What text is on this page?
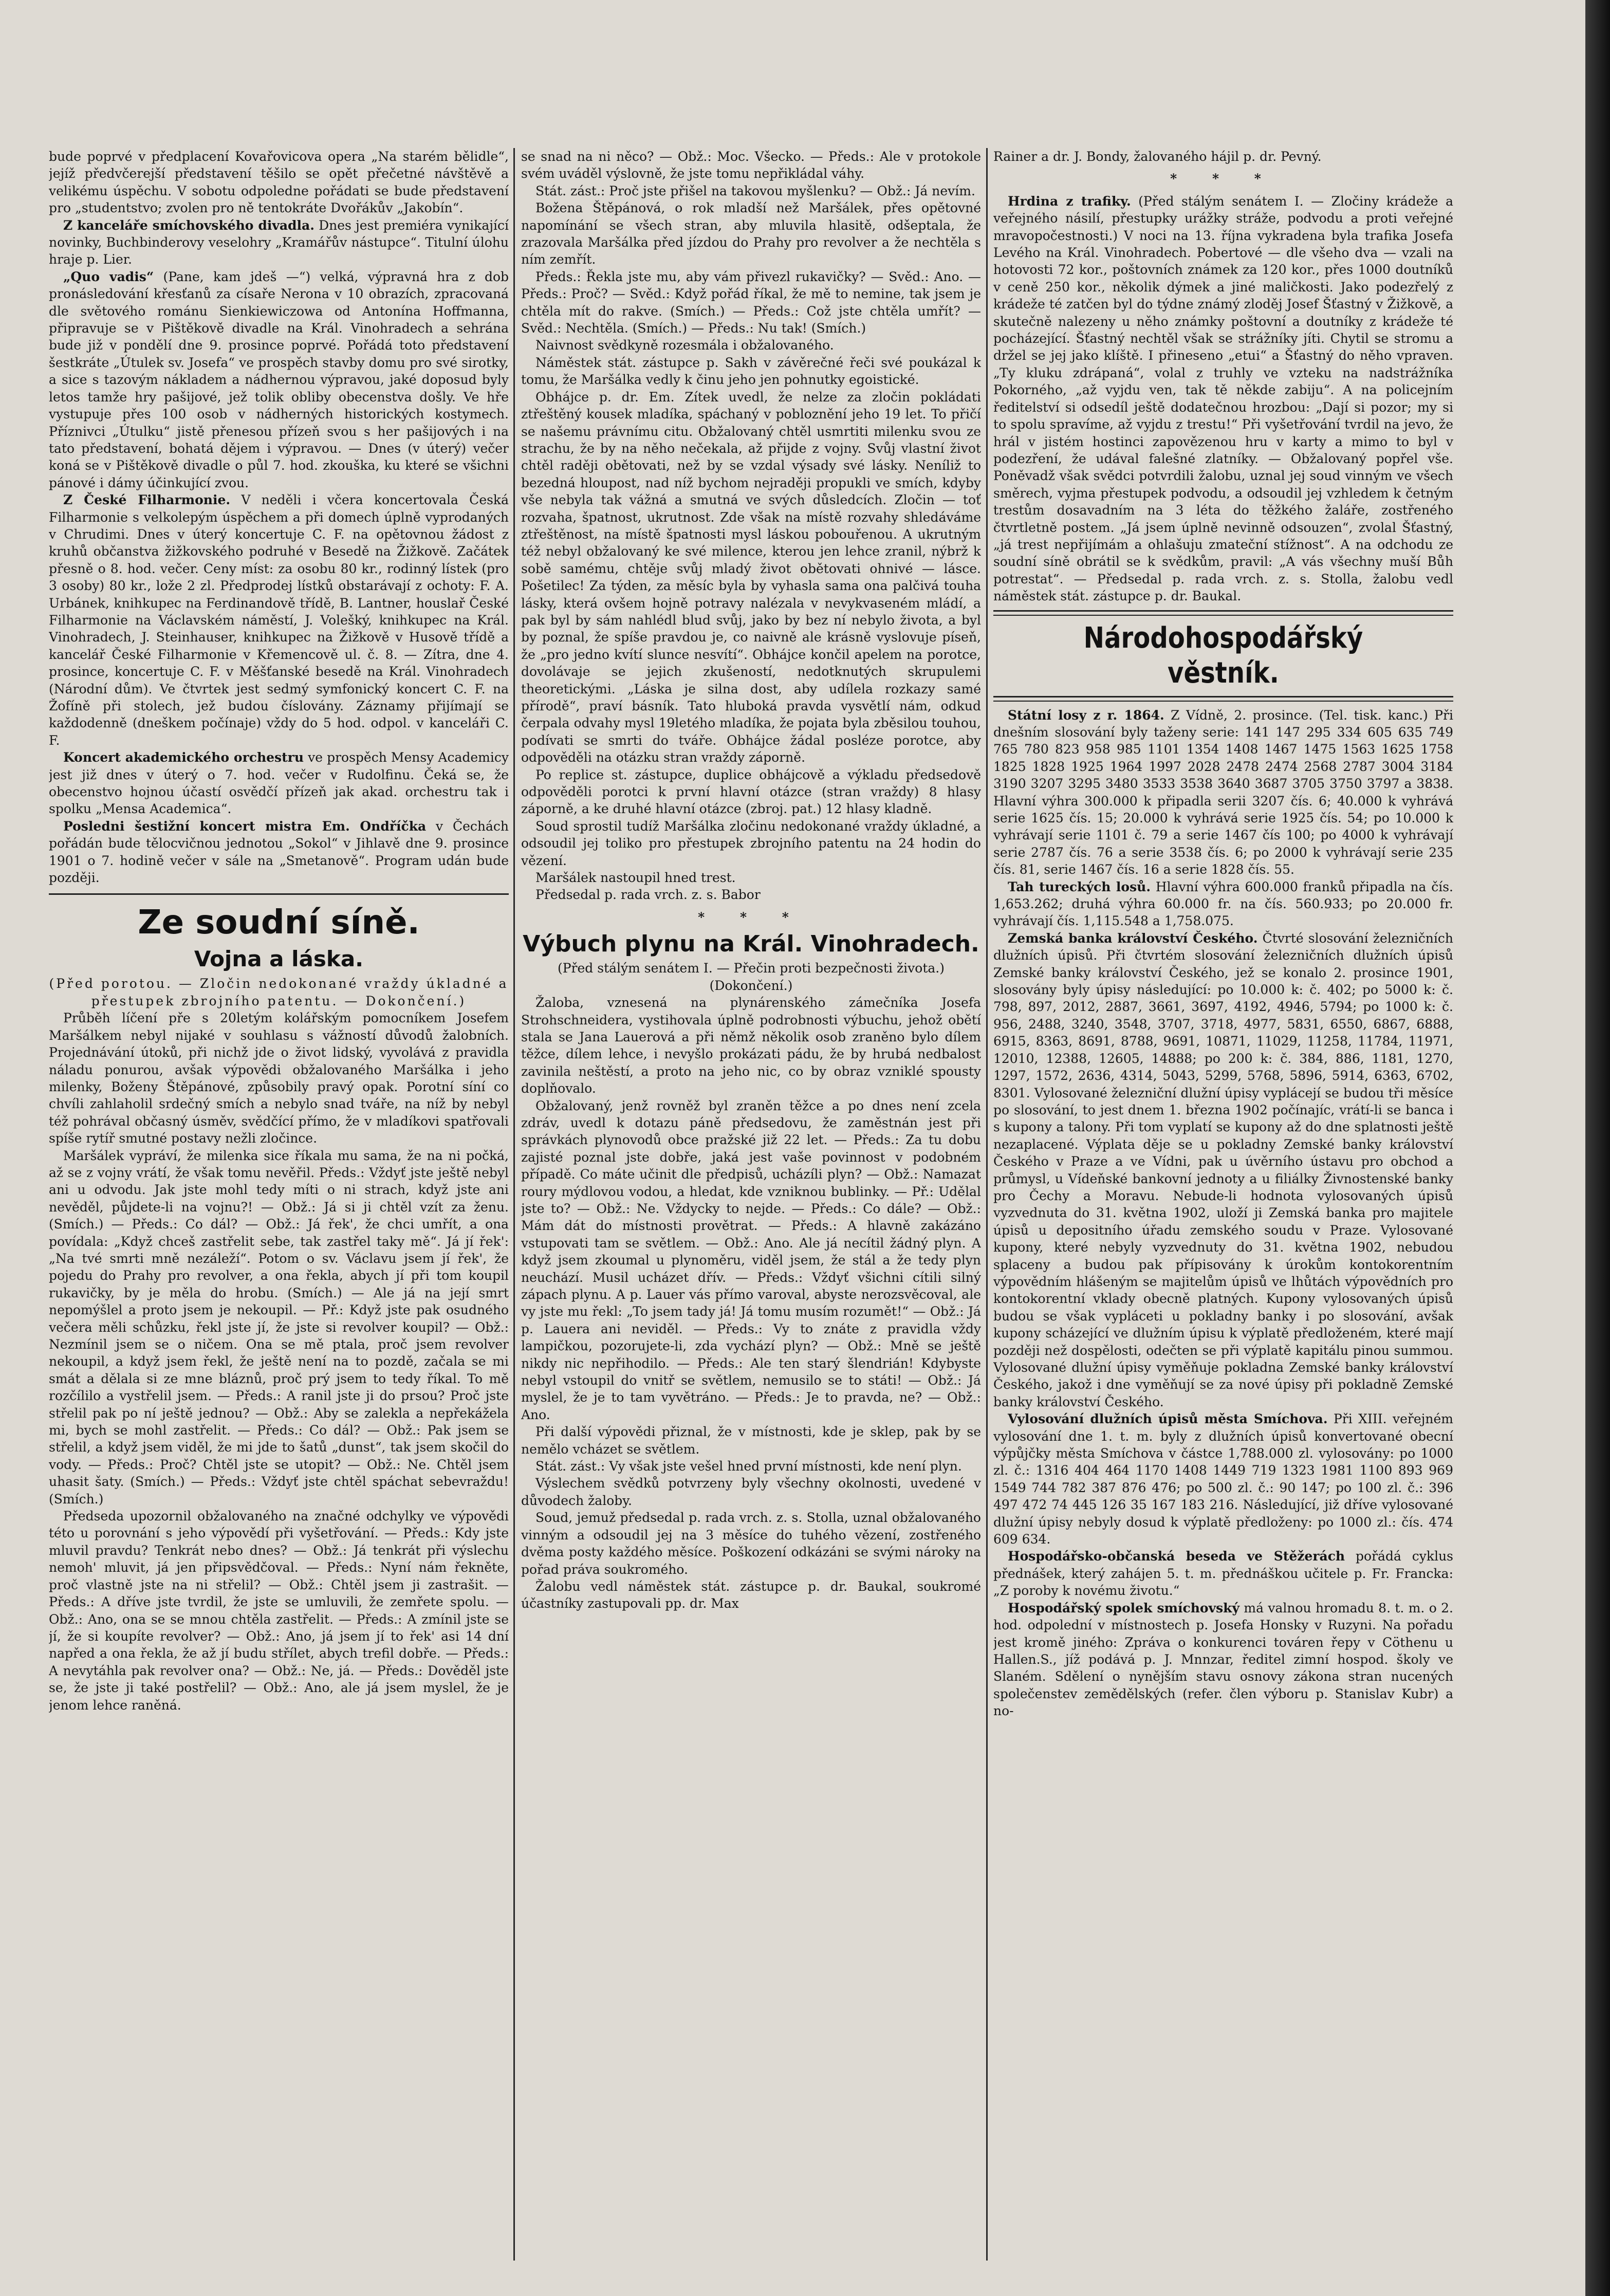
bude poprvé v předplacení Kovařovicova opera „Na starém bělidle“, jejíž předvčerejší představení těšilo se opět přečetné návštěvě a velikému úspěchu. V sobotu odpoledne pořádati se bude představení pro „studentstvo; zvolen pro ně tentokráte Dvořákův „Jakobín“.

Z kanceláře smíchovského divadla. Dnes jest premiéra vynikající novinky, Buchbinderovy veselohry „Kramářův nástupce“. Titulní úlohu hraje p. Lier.

„Quo vadis“ (Pane, kam jdeš —“) velká, výpravná hra z dob pronásledování křesťanů za císaře Nerona v 10 obrazích, zpracovaná dle světového románu Sienkiewiczowa od Antonína Hoffmanna, připravuje se v Pištěkově divadle na Král. Vinohradech a sehrána bude již v pondělí dne 9. prosince poprvé. Pořádá toto představení šestkráte „Útulek sv. Josefa“ ve prospěch stavby domu pro své sirotky, a sice s tazovým nákladem a nádhernou výpravou, jaké doposud byly letos tamže hry pašijové, jež tolik obliby obecenstva došly. Ve hře vystupuje přes 100 osob v nádherných historických kostymech. Příznivci „Útulku“ jistě přenesou přízeň svou s her pašijových i na tato představení, bohatá dějem i výpravou. — Dnes (v úterý) večer koná se v Pištěkově divadle o půl 7. hod. zkouška, ku které se všichni pánové i dámy účinkující zvou.

Z České Filharmonie. V neděli i včera koncertovala Česká Filharmonie s velkolepým úspěchem a při domech úplně vyprodaných v Chrudimi. Dnes v úterý koncertuje C. F. na opětovnou žádost z kruhů občanstva žižkovského podruhé v Besedě na Žižkově. Začátek přesně o 8. hod. večer. Ceny míst: za osobu 80 kr., rodinný lístek (pro 3 osoby) 80 kr., lože 2 zl. Předprodej lístků obstarávají z ochoty: F. A. Urbánek, knihkupec na Ferdinandově třídě, B. Lantner, houslař České Filharmonie na Václavském náměstí, J. Volešký, knihkupec na Král. Vinohradech, J. Steinhauser, knihkupec na Žižkově v Husově třídě a kancelář České Filharmonie v Křemencově ul. č. 8. — Zítra, dne 4. prosince, koncertuje C. F. v Měšťanské besedě na Král. Vinohradech (Národní dům). Ve čtvrtek jest sedmý symfonický koncert C. F. na Žofíně při stolech, jež budou číslovány. Záznamy přijímají se každodenně (dneškem počínaje) vždy do 5 hod. odpol. v kanceláři C. F.

Koncert akademického orchestru ve prospěch Mensy Academicy jest již dnes v úterý o 7. hod. večer v Rudolfinu. Čeká se, že obecenstvo hojnou účastí osvědčí přízeň jak akad. orchestru tak i spolku „Mensa Academica“.

Posledni šestižní koncert mistra Em. Ondříčka v Čechách pořádán bude tělocvičnou jednotou „Sokol“ v Jihlavě dne 9. prosince 1901 o 7. hodině večer v sále na „Smetanově“. Program udán bude později.

Ze soudní síně.
Vojna a láska.

(Před porotou. — Zločin nedokonané vraždy úkladné a přestupek zbrojního patentu. — Dokončení.)

Průběh líčení pře s 20letým kolářským pomocníkem Josefem Maršálkem nebyl nijaké v souhlasu s vážností důvodů žalobních. Projednávání útoků, při nichž jde o život lidský, vyvolává z pravidla náladu ponurou, avšak výpovědi obžalovaného Maršálka i jeho milenky, Boženy Štěpánové, způsobily pravý opak. Porotní síní co chvíli zahlaholil srdečný smích a nebylo snad tváře, na níž by nebyl též pohrával občasný úsměv, svědčící přímo, že v mladíkovi spatřovali spíše rytíř smutné postavy nežli zločince.

Maršálek vypráví, že milenka sice říkala mu sama, že na ni počká, až se z vojny vrátí, že však tomu nevěřil. Předs.: Vždyť jste ještě nebyl ani u odvodu. Jak jste mohl tedy míti o ni strach, když jste ani nevěděl, půjdete-li na vojnu?! — Obž.: Já si ji chtěl vzít za ženu. (Smích.) — Předs.: Co dál? — Obž.: Já řek', že chci umřít, a ona povídala: „Když chceš zastřelit sebe, tak zastřel taky mě“. Já jí řek': „Na tvé smrti mně nezáleží“. Potom o sv. Václavu jsem jí řek', že pojedu do Prahy pro revolver, a ona řekla, abych jí při tom koupil rukavičky, by je měla do hrobu. (Smích.) — Ale já na její smrt nepomýšlel a proto jsem je nekoupil. — Př.: Když jste pak osudného večera měli schůzku, řekl jste jí, že jste si revolver koupil? — Obž.: Nezmínil jsem se o ničem. Ona se mě ptala, proč jsem revolver nekoupil, a když jsem řekl, že ještě není na to pozdě, začala se mi smát a dělala si ze mne bláznů, proč prý jsem to tedy říkal. To mě rozčílilo a vystřelil jsem. — Předs.: A ranil jste ji do prsou? Proč jste střelil pak po ní ještě jednou? — Obž.: Aby se zalekla a nepřekážela mi, bych se mohl zastřelit. — Předs.: Co dál? — Obž.: Pak jsem se střelil, a když jsem viděl, že mi jde to šatů „dunst“, tak jsem skočil do vody. — Předs.: Proč? Chtěl jste se utopit? — Obž.: Ne. Chtěl jsem uhasit šaty. (Smích.) — Předs.: Vždyť jste chtěl spáchat sebevraždu! (Smích.)

Předseda upozornil obžalovaného na značné odchylky ve výpovědi této u porovnání s jeho výpovědí při vyšetřování. — Předs.: Kdy jste mluvil pravdu? Tenkrát nebo dnes? — Obž.: Já tenkrát při výslechu nemoh' mluvit, já jen připsvědčoval. — Předs.: Nyní nám řekněte, proč vlastně jste na ni střelil? — Obž.: Chtěl jsem ji zastrašit. — Předs.: A dříve jste tvrdil, že jste se umluvili, že zemřete spolu. — Obž.: Ano, ona se se mnou chtěla zastřelit. — Předs.: A zmínil jste se jí, že si koupíte revolver? — Obž.: Ano, já jsem jí to řek' asi 14 dní napřed a ona řekla, že až jí budu střílet, abych trefil dobře. — Předs.: A nevytáhla pak revolver ona? — Obž.: Ne, já. — Předs.: Dověděl jste se, že jste ji také postřelil? — Obž.: Ano, ale já jsem myslel, že je jenom lehce raněná.

se snad na ni něco? — Obž.: Moc. Všecko. — Předs.: Ale v protokole svém uváděl výslovně, že jste tomu nepřikládal váhy.

Stát. zást.: Proč jste přišel na takovou myšlenku? — Obž.: Já nevím.

Božena Štěpánová, o rok mladší než Maršálek, přes opětovné napomínání se všech stran, aby mluvila hlasitě, odšeptala, že zrazovala Maršálka před jízdou do Prahy pro revolver a že nechtěla s ním zemřít.

Předs.: Řekla jste mu, aby vám přivezl rukavičky? — Svěd.: Ano. — Předs.: Proč? — Svěd.: Když pořád říkal, že mě to nemine, tak jsem je chtěla mít do rakve. (Smích.) — Předs.: Což jste chtěla umřít? — Svěd.: Nechtěla. (Smích.) — Předs.: Nu tak! (Smích.)

Naivnost svědkyně rozesmála i obžalovaného.

Náměstek stát. zástupce p. Sakh v závěrečné řeči své poukázal k tomu, že Maršálka vedly k činu jeho jen pohnutky egoistické.

Obhájce p. dr. Em. Zítek uvedl, že nelze za zločin pokládati ztřeštěný kousek mladíka, spáchaný v pobloznění jeho 19 let. To přičí se našemu právnímu citu. Obžalovaný chtěl usmrtiti milenku svou ze strachu, že by na něho nečekala, až přijde z vojny. Svůj vlastní život chtěl raději obětovati, než by se vzdal výsady své lásky. Neníliž to bezedná hloupost, nad níž bychom nejraději propukli ve smích, kdyby vše nebyla tak vážná a smutná ve svých důsledcích. Zločin — toť rozvaha, špatnost, ukrutnost. Zde však na místě rozvahy shledáváme ztřeštěnost, na místě špatnosti mysl láskou pobouřenou. A ukrutným též nebyl obžalovaný ke své milence, kterou jen lehce zranil, nýbrž k sobě samému, chtěje svůj mladý život obětovati ohnivé — lásce. Pošetilec! Za týden, za měsíc byla by vyhasla sama ona palčivá touha lásky, která ovšem hojně potravy nalézala v nevykvaseném mládí, a pak byl by sám nahlédl blud svůj, jako by bez ní nebylo života, a byl by poznal, že spíše pravdou je, co naivně ale krásně vyslovuje píseň, že „pro jedno kvítí slunce nesvítí“. Obhájce končil apelem na porotce, dovolávaje se jejich zkušeností, nedotknutých skrupulemi theoretickými. „Láska je silna dost, aby udílela rozkazy samé přírodě“, praví básník. Tato hluboká pravda vysvětlí nám, odkud čerpala odvahy mysl 19letého mladíka, že pojata byla zběsilou touhou, podívati se smrti do tváře. Obhájce žádal posléze porotce, aby odpověděli na otázku stran vraždy záporně.

Po replice st. zástupce, duplice obhájcově a výkladu předsedově odpověděli porotci k první hlavní otázce (stran vraždy) 8 hlasy záporně, a ke druhé hlavní otázce (zbroj. pat.) 12 hlasy kladně.

Soud sprostil tudíž Maršálka zločinu nedokonané vraždy úkladné, a odsoudil jej toliko pro přestupek zbrojního patentu na 24 hodin do vězení.

Maršálek nastoupil hned trest.

Předsedal p. rada vrch. z. s. Babor

* * *
Výbuch plynu na Král. Vinohradech.

(Před stálým senátem I. — Přečin proti bezpečnosti života.)

(Dokončení.)

Žaloba, vznesená na plynárenského zámečníka Josefa Strohschneidera, vystihovala úplně podrobnosti výbuchu, jehož obětí stala se Jana Lauerová a při němž několik osob zraněno bylo dílem těžce, dílem lehce, i nevyšlo prokázati pádu, že by hrubá nedbalost zavinila neštěstí, a proto na jeho nic, co by obraz vzniklé spousty doplňovalo.

Obžalovaný, jenž rovněž byl zraněn těžce a po dnes není zcela zdráv, uvedl k dotazu páně předsedovu, že zaměstnán jest při správkách plynovodů obce pražské již 22 let. — Předs.: Za tu dobu zajisté poznal jste dobře, jaká jest vaše povinnost v podobném případě. Co máte učinit dle předpisů, ucházíli plyn? — Obž.: Namazat roury mýdlovou vodou, a hledat, kde vzniknou bublinky. — Př.: Udělal jste to? — Obž.: Ne. Vždycky to nejde. — Předs.: Co dále? — Obž.: Mám dát do místnosti provětrat. — Předs.: A hlavně zakázáno vstupovati tam se světlem. — Obž.: Ano. Ale já necítil žádný plyn. A když jsem zkoumal u plynoměru, viděl jsem, že stál a že tedy plyn neuchází. Musil ucházet dřív. — Předs.: Vždyť všichni cítili silný zápach plynu. A p. Lauer vás přímo varoval, abyste nerozsvěcoval, ale vy jste mu řekl: „To jsem tady já! Já tomu musím rozumět!“ — Obž.: Já p. Lauera ani neviděl. — Předs.: Vy to znáte z pravidla vždy lampičkou, pozorujete-li, zda vychází plyn? — Obž.: Mně se ještě nikdy nic nepřihodilo. — Předs.: Ale ten starý šlendrián! Kdybyste nebyl vstoupil do vnitř se světlem, nemusilo se to státi! — Obž.: Já myslel, že je to tam vyvětráno. — Předs.: Je to pravda, ne? — Obž.: Ano.

Při další výpovědi přiznal, že v místnosti, kde je sklep, pak by se nemělo vcházet se světlem.

Stát. zást.: Vy však jste vešel hned první místnosti, kde není plyn.

Výslechem svědků potvrzeny byly všechny okolnosti, uvedené v důvodech žaloby.

Soud, jemuž předsedal p. rada vrch. z. s. Stolla, uznal obžalovaného vinným a odsoudil jej na 3 měsíce do tuhého vězení, zostřeného dvěma posty každého měsíce. Poškození odkázáni se svými nároky na pořad práva soukromého.

Žalobu vedl náměstek stát. zástupce p. dr. Baukal, soukromé účastníky zastupovali pp. dr. Max

Rainer a dr. J. Bondy, žalovaného hájil p. dr. Pevný.

* * *

Hrdina z trafiky. (Před stálým senátem I. — Zločiny krádeže a veřejného násilí, přestupky urážky stráže, podvodu a proti veřejné mravopočestnosti.) V noci na 13. října vykradena byla trafika Josefa Levého na Král. Vinohradech. Pobertové — dle všeho dva — vzali na hotovosti 72 kor., poštovních známek za 120 kor., přes 1000 doutníků v ceně 250 kor., několik dýmek a jiné maličkosti. Jako podezřelý z krádeže té zatčen byl do týdne známý zloděj Josef Šťastný v Žižkově, a skutečně nalezeny u něho známky poštovní a doutníky z krádeže té pocházející. Šťastný nechtěl však se strážníky jíti. Chytil se stromu a držel se jej jako klíště. I přineseno „etui“ a Šťastný do něho vpraven. „Ty kluku zdrápaná“, volal z truhly ve vzteku na nadstrážníka Pokorného, „až vyjdu ven, tak tě někde zabiju“. A na policejním ředitelství si odsedíl ještě dodatečnou hrozbou: „Dají si pozor; my si to spolu spravíme, až vyjdu z trestu!“ Při vyšetřování tvrdil na jevo, že hrál v jistém hostinci zapovězenou hru v karty a mimo to byl v podezření, že udával falešné zlatníky. — Obžalovaný popřel vše. Poněvadž však svědci potvrdili žalobu, uznal jej soud vinným ve všech směrech, vyjma přestupek podvodu, a odsoudil jej vzhledem k četným trestům dosavadním na 3 léta do těžkého žaláře, zostřeného čtvrtletně postem. „Já jsem úplně nevinně odsouzen“, zvolal Šťastný, „já trest nepřijímám a ohlašuju zmateční stížnost“. A na odchodu ze soudní síně obrátil se k svědkům, pravil: „A vás všechny muší Bůh potrestat“. — Předsedal p. rada vrch. z. s. Stolla, žalobu vedl náměstek stát. zástupce p. dr. Baukal.

Národohospodářský věstník.

Státní losy z r. 1864. Z Vídně, 2. prosince. (Tel. tisk. kanc.) Při dnešním slosování byly taženy serie: 141 147 295 334 605 635 749 765 780 823 958 985 1101 1354 1408 1467 1475 1563 1625 1758 1825 1828 1925 1964 1997 2028 2478 2474 2568 2787 3004 3184 3190 3207 3295 3480 3533 3538 3640 3687 3705 3750 3797 a 3838. Hlavní výhra 300.000 k připadla serii 3207 čís. 6; 40.000 k vyhrává serie 1625 čís. 15; 20.000 k vyhrává serie 1925 čís. 54; po 10.000 k vyhrávají serie 1101 č. 79 a serie 1467 čís 100; po 4000 k vyhrávají serie 2787 čís. 76 a serie 3538 čís. 6; po 2000 k vyhrávají serie 235 čís. 81, serie 1467 čís. 16 a serie 1828 čís. 55.

Tah tureckých losů. Hlavní výhra 600.000 franků připadla na čís. 1,653.262; druhá výhra 60.000 fr. na čís. 560.933; po 20.000 fr. vyhrávají čís. 1,115.548 a 1,758.075.

Zemská banka království Českého. Čtvrté slosování železničních dlužních úpisů. Při čtvrtém slosování železničních dlužních úpisů Zemské banky království Českého, jež se konalo 2. prosince 1901, slosovány byly úpisy následující: po 10.000 k: č. 402; po 5000 k: č. 798, 897, 2012, 2887, 3661, 3697, 4192, 4946, 5794; po 1000 k: č. 956, 2488, 3240, 3548, 3707, 3718, 4977, 5831, 6550, 6867, 6888, 6915, 8363, 8691, 8788, 9691, 10871, 11029, 11258, 11784, 11971, 12010, 12388, 12605, 14888; po 200 k: č. 384, 886, 1181, 1270, 1297, 1572, 2636, 4314, 5043, 5299, 5768, 5896, 5914, 6363, 6702, 8301. Vylosované železniční dlužní úpisy vyplácejí se budou tři měsíce po slosování, to jest dnem 1. března 1902 počínajíc, vrátí-li se banca i s kupony a talony. Při tom vyplatí se kupony až do dne splatnosti ještě nezaplacené. Výplata děje se u pokladny Zemské banky království Českého v Praze a ve Vídni, pak u úvěrního ústavu pro obchod a průmysl, u Vídeňské bankovní jednoty a u filiálky Živnostenské banky pro Čechy a Moravu. Nebude-li hodnota vylosovaných úpisů vyzvednuta do 31. května 1902, uloží ji Zemská banka pro majitele úpisů u depositního úřadu zemského soudu v Praze. Vylosované kupony, které nebyly vyzvednuty do 31. května 1902, nebudou splaceny a budou pak přípisovány k úrokům kontokorentním výpovědním hlášeným se majitelům úpisů ve lhůtách výpovědních pro kontokorentní vklady obecně platných. Kupony vylosovaných úpisů budou se však vypláceti u pokladny banky i po slosování, avšak kupony scházející ve dlužním úpisu k výplatě předloženém, které mají později než dospělosti, odečten se při výplatě kapitálu pinou summou. Vylosované dlužní úpisy vyměňuje pokladna Zemské banky království Českého, jakož i dne vyměňují se za nové úpisy při pokladně Zemské banky království Českého.

Vylosování dlužních úpisů města Smíchova. Při XIII. veřejném vylosování dne 1. t. m. byly z dlužních úpisů konvertované obecní výpůjčky města Smíchova v částce 1,788.000 zl. vylosovány: po 1000 zl. č.: 1316 404 464 1170 1408 1449 719 1323 1981 1100 893 969 1549 744 782 387 876 476; po 500 zl. č.: 90 147; po 100 zl. č.: 396 497 472 74 445 126 35 167 183 216. Následující, již dříve vylosované dlužní úpisy nebyly dosud k výplatě předloženy: po 1000 zl.: čís. 474 609 634.

Hospodářsko-občanská beseda ve Stěžerách pořádá cyklus přednášek, který zahájen 5. t. m. přednáškou učitele p. Fr. Francka: „Z poroby k novému životu.“

Hospodářský spolek smíchovský má valnou hromadu 8. t. m. o 2. hod. odpolední v místnostech p. Josefa Honsky v Ruzyni. Na pořadu jest kromě jiného: Zpráva o konkurenci továren řepy v Cöthenu u Hallen.S., jíž podává p. J. Mnnzar, ředitel zimní hospod. školy ve Slaném. Sdělení o nynějším stavu osnovy zákona stran nucených společenstev zemědělských (refer. člen výboru p. Stanislav Kubr) a no-
